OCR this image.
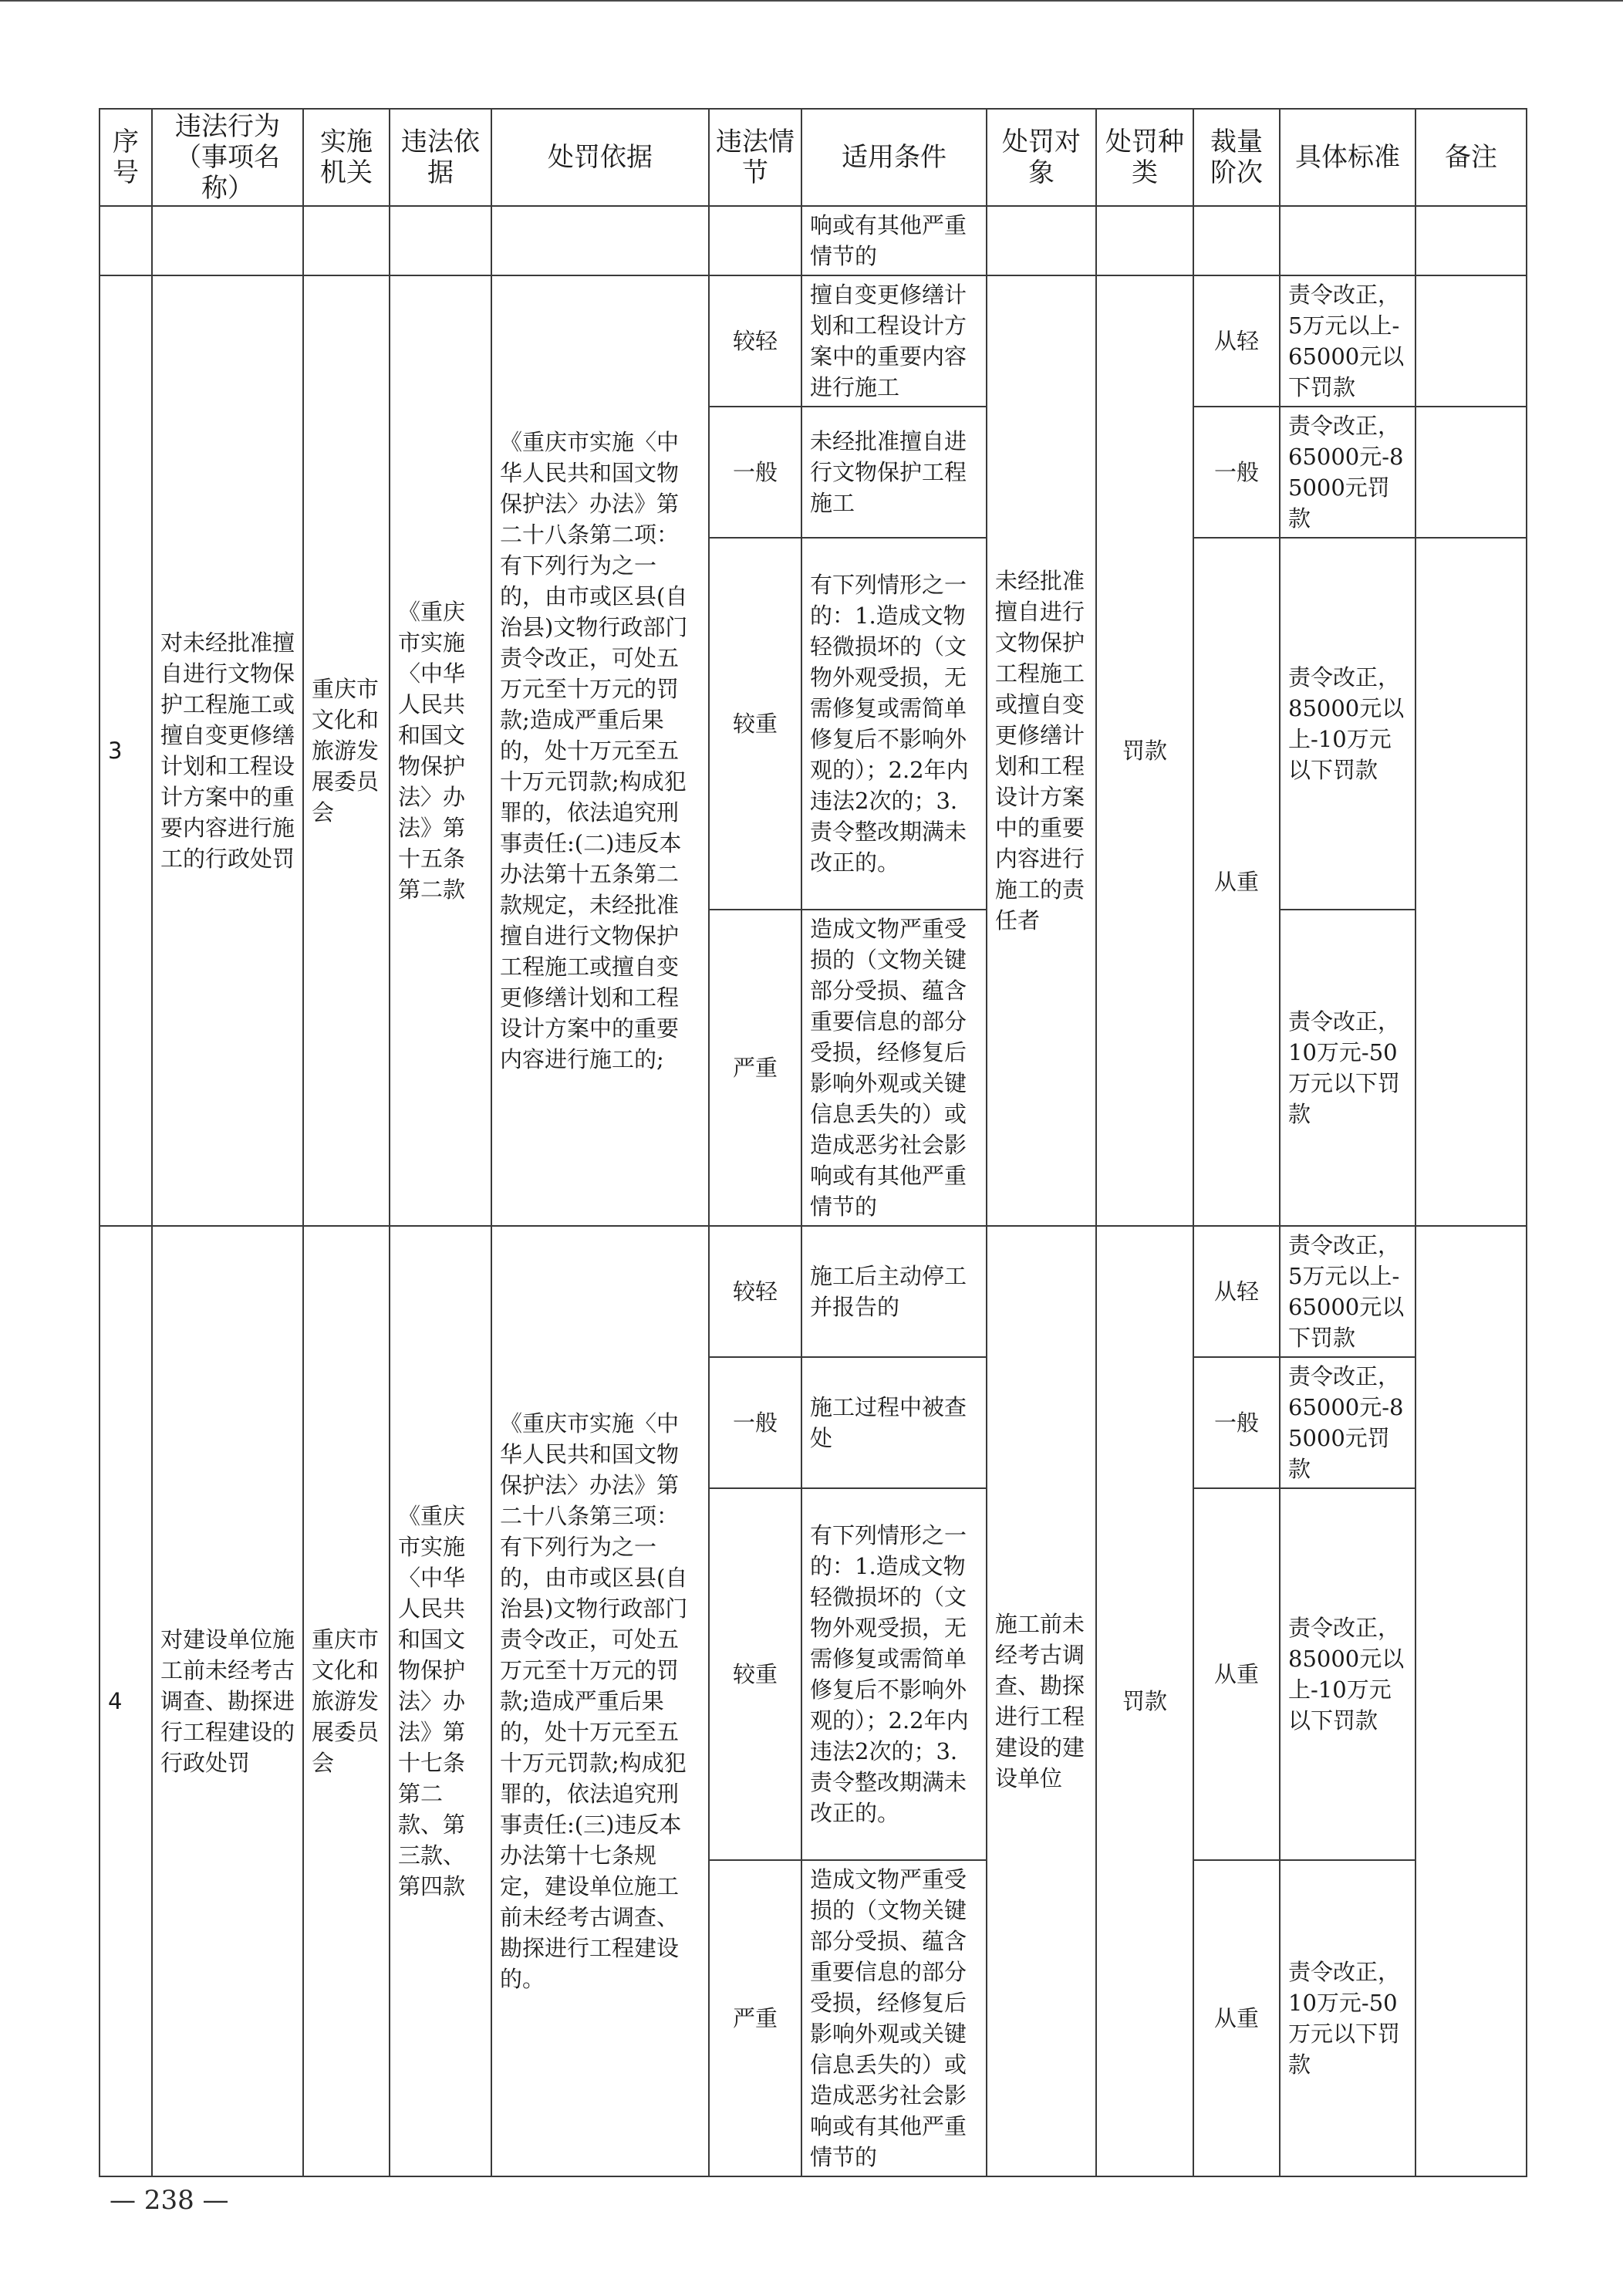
序号	违法行为（事项名称）	实施机关	违法依据	处罚依据	违法情节	适用条件	处罚对象	处罚种类	裁量阶次	具体标准	备注
						响或有其他严重情节的					
3	对未经批准擅自进行文物保护工程施工或擅自变更修缮计划和工程设计方案中的重要内容进行施工的行政处罚	重庆市文化和旅游发展委员会	《重庆市实施〈中华人民共和国文物保护法〉办法》第十五条第二款	《重庆市实施〈中华人民共和国文物保护法〉办法》第二十八条第二项：有下列行为之一的，由市或区县(自治县)文物行政部门责令改正，可处五万元至十万元的罚款;造成严重后果的，处十万元至五十万元罚款;构成犯罪的，依法追究刑事责任:(二)违反本办法第十五条第二款规定，未经批准擅自进行文物保护工程施工或擅自变更修缮计划和工程设计方案中的重要内容进行施工的;	较轻	擅自变更修缮计划和工程设计方案中的重要内容进行施工	未经批准擅自进行文物保护工程施工或擅自变更修缮计划和工程设计方案中的重要内容进行施工的责任者	罚款	从轻	责令改正，5万元以上-65000元以下罚款	
					一般	未经批准擅自进行文物保护工程施工			一般	责令改正，65000元-85000元罚款	
					较重	有下列情形之一的：1.造成文物轻微损坏的（文物外观受损，无需修复或需简单修复后不影响外观的）；2.2年内违法2次的；3.责令整改期满未改正的。			从重	责令改正，85000元以上-10万元以下罚款	
					严重	造成文物严重受损的（文物关键部分受损、蕴含重要信息的部分受损，经修复后影响外观或关键信息丢失的）或造成恶劣社会影响或有其他严重情节的				责令改正，10万元-50万元以下罚款	
4	对建设单位施工前未经考古调查、勘探进行工程建设的行政处罚	重庆市文化和旅游发展委员会	《重庆市实施〈中华人民共和国文物保护法〉办法》第十七条第二款、第三款、第四款	《重庆市实施〈中华人民共和国文物保护法〉办法》第二十八条第三项：有下列行为之一的，由市或区县(自治县)文物行政部门责令改正，可处五万元至十万元的罚款;造成严重后果的，处十万元至五十万元罚款;构成犯罪的，依法追究刑事责任:(三)违反本办法第十七条规定，建设单位施工前未经考古调查、勘探进行工程建设的。	较轻	施工后主动停工并报告的	施工前未经考古调查、勘探进行工程建设的建设单位	罚款	从轻	责令改正，5万元以上-65000元以下罚款	
					一般	施工过程中被查处			一般	责令改正，65000元-85000元罚款	
					较重	有下列情形之一的：1.造成文物轻微损坏的（文物外观受损，无需修复或需简单修复后不影响外观的）；2.2年内违法2次的；3.责令整改期满未改正的。			从重	责令改正，85000元以上-10万元以下罚款	
					严重	造成文物严重受损的（文物关键部分受损、蕴含重要信息的部分受损，经修复后影响外观或关键信息丢失的）或造成恶劣社会影响或有其他严重情节的			从重	责令改正，10万元-50万元以下罚款	
— 238 —
